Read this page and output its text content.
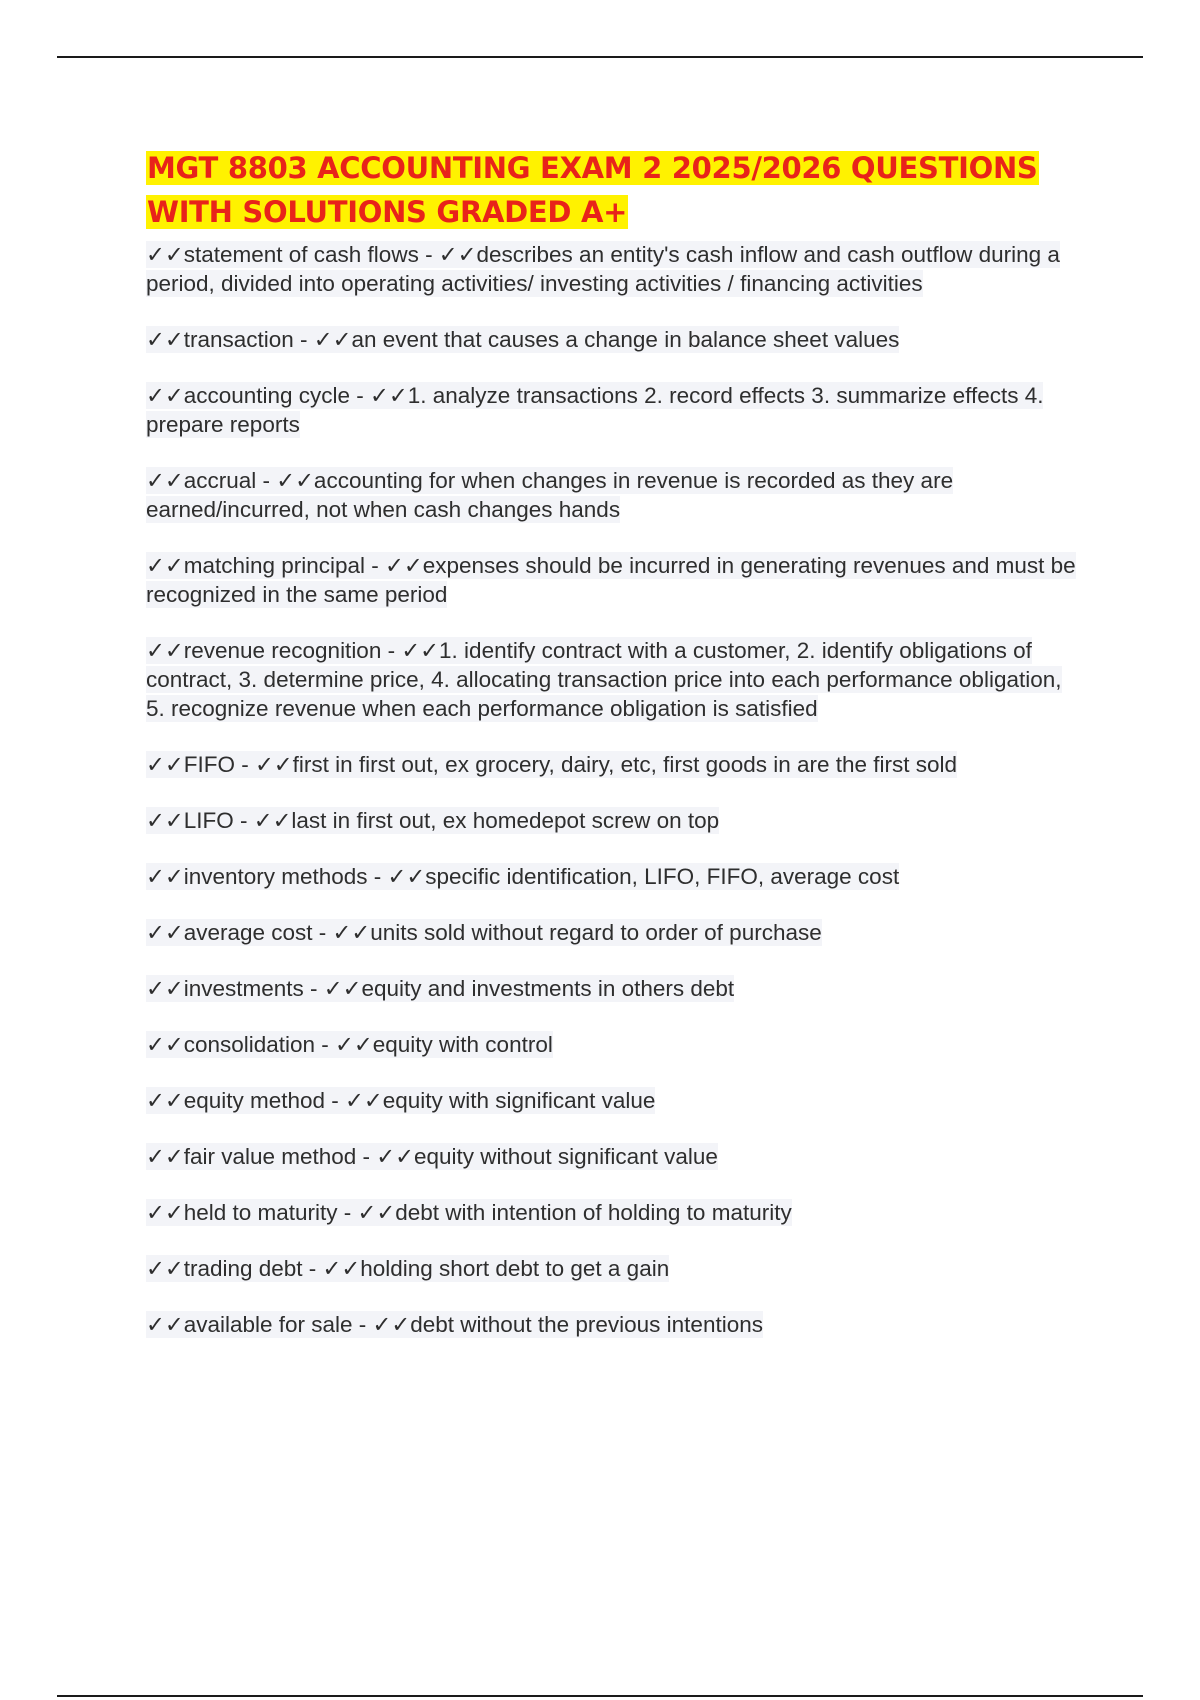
MGT 8803 ACCOUNTING EXAM 2 2025/2026 QUESTIONS
WITH SOLUTIONS GRADED A+
✓✓statement of cash flows - ✓✓describes an entity's cash inflow and cash outflow during a period, divided into operating activities/ investing activities / financing activities
✓✓transaction - ✓✓an event that causes a change in balance sheet values
✓✓accounting cycle - ✓✓1. analyze transactions 2. record effects 3. summarize effects 4. prepare reports
✓✓accrual - ✓✓accounting for when changes in revenue is recorded as they are earned/incurred, not when cash changes hands
✓✓matching principal - ✓✓expenses should be incurred in generating revenues and must be recognized in the same period
✓✓revenue recognition - ✓✓1. identify contract with a customer, 2. identify obligations of contract, 3. determine price, 4. allocating transaction price into each performance obligation, 5. recognize revenue when each performance obligation is satisfied
✓✓FIFO - ✓✓first in first out, ex grocery, dairy, etc, first goods in are the first sold
✓✓LIFO - ✓✓last in first out, ex homedepot screw on top
✓✓inventory methods - ✓✓specific identification, LIFO, FIFO, average cost
✓✓average cost - ✓✓units sold without regard to order of purchase
✓✓investments - ✓✓equity and investments in others debt
✓✓consolidation - ✓✓equity with control
✓✓equity method - ✓✓equity with significant value
✓✓fair value method - ✓✓equity without significant value
✓✓held to maturity - ✓✓debt with intention of holding to maturity
✓✓trading debt - ✓✓holding short debt to get a gain
✓✓available for sale - ✓✓debt without the previous intentions
